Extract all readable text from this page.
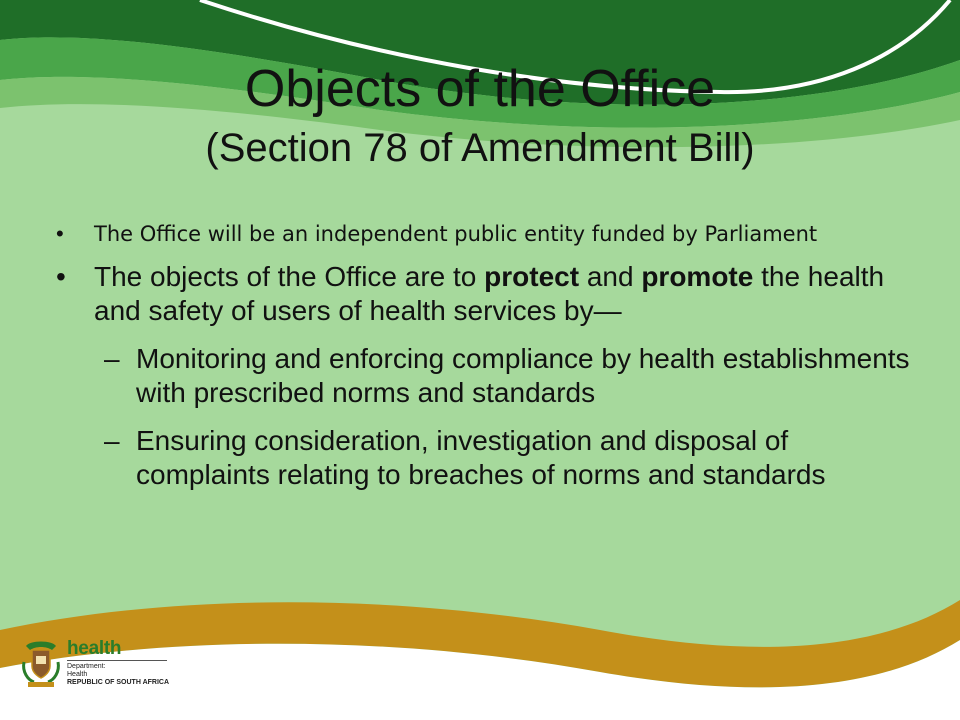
Objects of the Office
(Section 78 of Amendment Bill)
• The Office will be an independent public entity funded by Parliament
• The objects of the Office are to protect and promote the health and safety of users of health services by—
– Monitoring and enforcing compliance by health establishments with prescribed norms and standards
– Ensuring consideration, investigation and disposal of complaints relating to breaches of norms and standards
health
Department:
Health
REPUBLIC OF SOUTH AFRICA
